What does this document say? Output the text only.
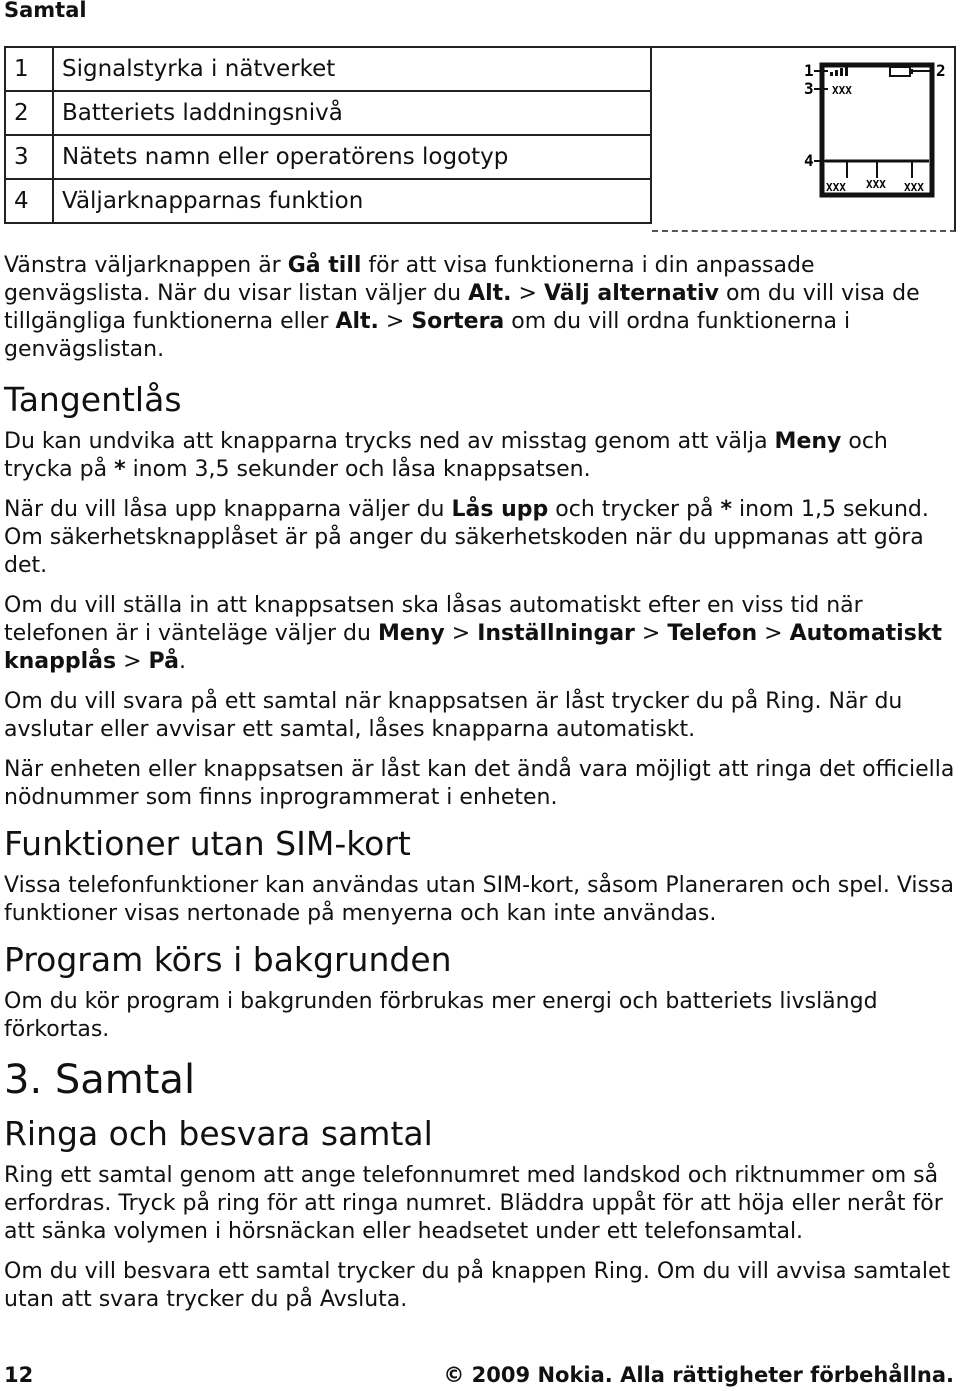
Samtal
1	Signalstyrka i nätverket
2	Batteriets laddningsnivå
3	Nätets namn eller operatörens logotyp
4	Väljarknapparnas funktion
1	2
3
4
XXX
XXX XXX XXX

Vänstra väljarknappen är Gå till för att visa funktionerna i din anpassade genvägslista. När du visar listan väljer du Alt. > Välj alternativ om du vill visa de tillgängliga funktionerna eller Alt. > Sortera om du vill ordna funktionerna i genvägslistan.

Tangentlås

Du kan undvika att knapparna trycks ned av misstag genom att välja Meny och trycka på * inom 3,5 sekunder och låsa knappsatsen.

När du vill låsa upp knapparna väljer du Lås upp och trycker på * inom 1,5 sekund. Om säkerhetsknapplåset är på anger du säkerhetskoden när du uppmanas att göra det.

Om du vill ställa in att knappsatsen ska låsas automatiskt efter en viss tid när telefonen är i vänteläge väljer du Meny > Inställningar > Telefon > Automatiskt knapplås > På.

Om du vill svara på ett samtal när knappsatsen är låst trycker du på Ring. När du avslutar eller avvisar ett samtal, låses knapparna automatiskt.

När enheten eller knappsatsen är låst kan det ändå vara möjligt att ringa det officiella nödnummer som finns inprogrammerat i enheten.

Funktioner utan SIM-kort

Vissa telefonfunktioner kan användas utan SIM-kort, såsom Planeraren och spel. Vissa funktioner visas nertonade på menyerna och kan inte användas.

Program körs i bakgrunden

Om du kör program i bakgrunden förbrukas mer energi och batteriets livslängd förkortas.

3. Samtal
Ringa och besvara samtal

Ring ett samtal genom att ange telefonnumret med landskod och riktnummer om så erfordras. Tryck på ring för att ringa numret. Bläddra uppåt för att höja eller neråt för att sänka volymen i hörsnäckan eller headsetet under ett telefonsamtal.

Om du vill besvara ett samtal trycker du på knappen Ring. Om du vill avvisa samtalet utan att svara trycker du på Avsluta.

12	© 2009 Nokia. Alla rättigheter förbehållna.
